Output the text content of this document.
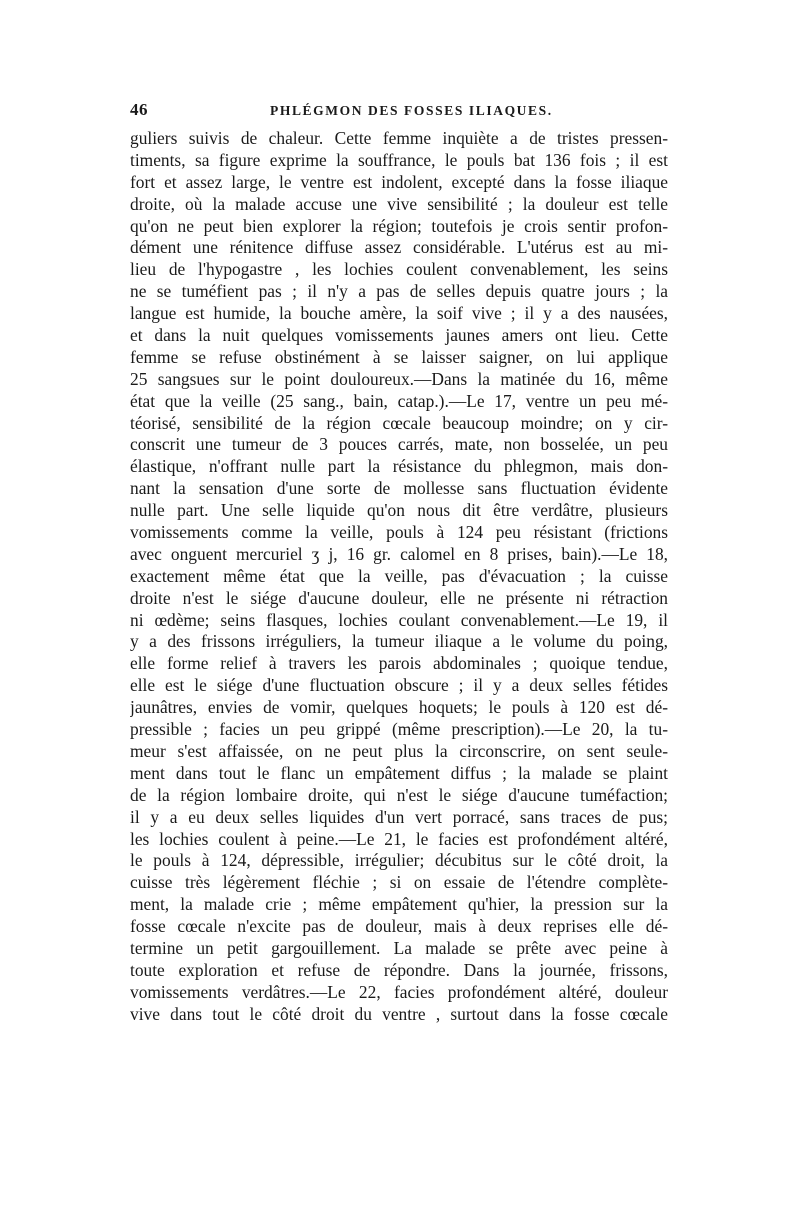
46	PHLÉGMON DES FOSSES ILIAQUES.
guliers suivis de chaleur. Cette femme inquiète a de tristes pressen-
timents, sa figure exprime la souffrance, le pouls bat 136 fois ; il est
fort et assez large, le ventre est indolent, excepté dans la fosse iliaque
droite, où la malade accuse une vive sensibilité ; la douleur est telle
qu'on ne peut bien explorer la région; toutefois je crois sentir profon-
dément une rénitence diffuse assez considérable. L'utérus est au mi-
lieu de l'hypogastre , les lochies coulent convenablement, les seins
ne se tuméfient pas ; il n'y a pas de selles depuis quatre jours ; la
langue est humide, la bouche amère, la soif vive ; il y a des nausées,
et dans la nuit quelques vomissements jaunes amers ont lieu. Cette
femme se refuse obstinément à se laisser saigner, on lui applique
25 sangsues sur le point douloureux.—Dans la matinée du 16, même
état que la veille (25 sang., bain, catap.).—Le 17, ventre un peu mé-
téorisé, sensibilité de la région cœcale beaucoup moindre; on y cir-
conscrit une tumeur de 3 pouces carrés, mate, non bosselée, un peu
élastique, n'offrant nulle part la résistance du phlegmon, mais don-
nant la sensation d'une sorte de mollesse sans fluctuation évidente
nulle part. Une selle liquide qu'on nous dit être verdâtre, plusieurs
vomissements comme la veille, pouls à 124 peu résistant (frictions
avec onguent mercuriel ʒ j, 16 gr. calomel en 8 prises, bain).—Le 18,
exactement même état que la veille, pas d'évacuation ; la cuisse
droite n'est le siége d'aucune douleur, elle ne présente ni rétraction
ni œdème; seins flasques, lochies coulant convenablement.—Le 19, il
y a des frissons irréguliers, la tumeur iliaque a le volume du poing,
elle forme relief à travers les parois abdominales ; quoique tendue,
elle est le siége d'une fluctuation obscure ; il y a deux selles fétides
jaunâtres, envies de vomir, quelques hoquets; le pouls à 120 est dé-
pressible ; facies un peu grippé (même prescription).—Le 20, la tu-
meur s'est affaissée, on ne peut plus la circonscrire, on sent seule-
ment dans tout le flanc un empâtement diffus ; la malade se plaint
de la région lombaire droite, qui n'est le siége d'aucune tuméfaction;
il y a eu deux selles liquides d'un vert porracé, sans traces de pus;
les lochies coulent à peine.—Le 21, le facies est profondément altéré,
le pouls à 124, dépressible, irrégulier; décubitus sur le côté droit, la
cuisse très légèrement fléchie ; si on essaie de l'étendre complète-
ment, la malade crie ; même empâtement qu'hier, la pression sur la
fosse cœcale n'excite pas de douleur, mais à deux reprises elle dé-
termine un petit gargouillement. La malade se prête avec peine à
toute exploration et refuse de répondre. Dans la journée, frissons,
vomissements verdâtres.—Le 22, facies profondément altéré, douleur
vive dans tout le côté droit du ventre , surtout dans la fosse cœcale
